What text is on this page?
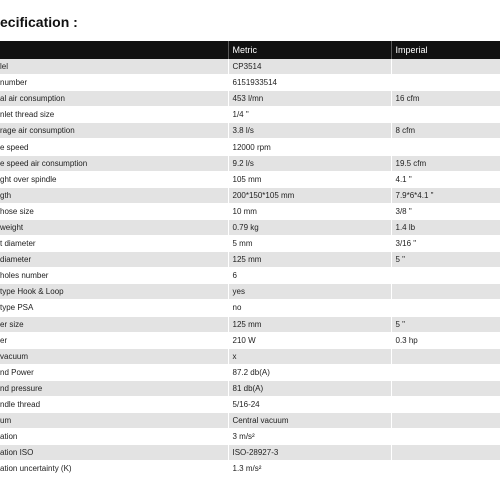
ecification :
	Metric	Imperial
lel	CP3514	
number	6151933514	
al air consumption	453 l/mn	16 cfm
nlet thread size	1/4 "	
rage air consumption	3.8 l/s	8 cfm
e speed	12000 rpm	
e speed air consumption	9.2 l/s	19.5 cfm
ght over spindle	105 mm	4.1 "
gth	200*150*105 mm	7.9*6*4.1 "
hose size	10 mm	3/8 "
weight	0.79 kg	1.4 lb
t diameter	5 mm	3/16 "
diameter	125 mm	5 "
holes number	6	
type Hook & Loop	yes	
type PSA	no	
er size	125 mm	5 "
er	210 W	0.3 hp
vacuum	x	
nd Power	87.2 db(A)	
nd pressure	81 db(A)	
ndle thread	5/16-24	
um	Central vacuum	
ation	3 m/s²	
ation ISO	ISO-28927-3	
ation uncertainty (K)	1.3 m/s²	
